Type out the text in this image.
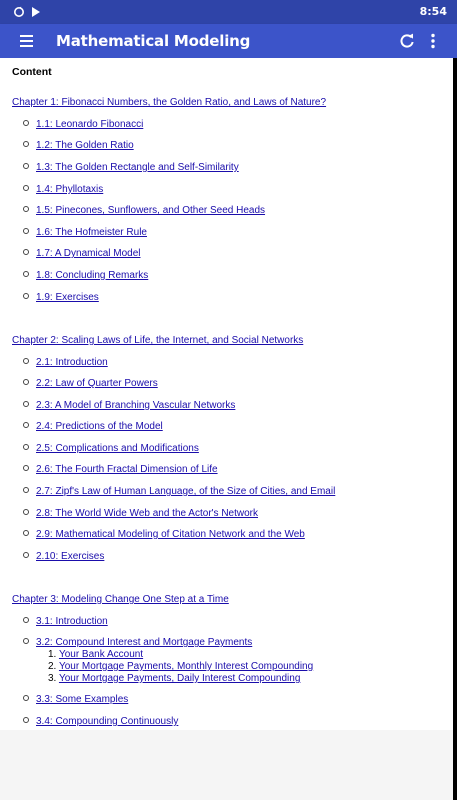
8:54
Mathematical Modeling
Content
Chapter 1: Fibonacci Numbers, the Golden Ratio, and Laws of Nature?
1.1: Leonardo Fibonacci
1.2: The Golden Ratio
1.3: The Golden Rectangle and Self-Similarity
1.4: Phyllotaxis
1.5: Pinecones, Sunflowers, and Other Seed Heads
1.6: The Hofmeister Rule
1.7: A Dynamical Model
1.8: Concluding Remarks
1.9: Exercises
Chapter 2: Scaling Laws of Life, the Internet, and Social Networks
2.1: Introduction
2.2: Law of Quarter Powers
2.3: A Model of Branching Vascular Networks
2.4: Predictions of the Model
2.5: Complications and Modifications
2.6: The Fourth Fractal Dimension of Life
2.7: Zipf's Law of Human Language, of the Size of Cities, and Email
2.8: The World Wide Web and the Actor's Network
2.9: Mathematical Modeling of Citation Network and the Web
2.10: Exercises
Chapter 3: Modeling Change One Step at a Time
3.1: Introduction
3.2: Compound Interest and Mortgage Payments
1. Your Bank Account
2. Your Mortgage Payments, Monthly Interest Compounding
3. Your Mortgage Payments, Daily Interest Compounding
3.3: Some Examples
3.4: Compounding Continuously
